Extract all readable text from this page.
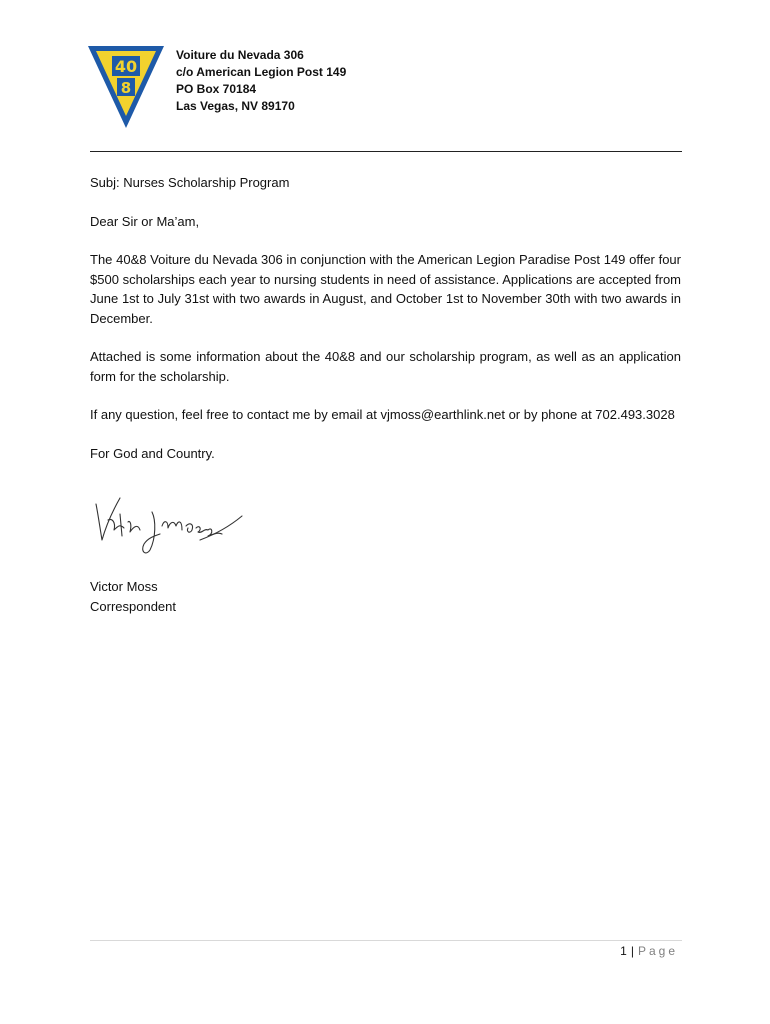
40
8
Voiture du Nevada 306
c/o American Legion Post 149
PO Box 70184
Las Vegas, NV 89170

Subj: Nurses Scholarship Program

Dear Sir or Ma’am,

The 40&8 Voiture du Nevada 306 in conjunction with the American Legion Paradise Post 149 offer four $500 scholarships each year to nursing students in need of assistance. Applications are accepted from June 1st to July 31st with two awards in August, and October 1st to November 30th with two awards in December.

Attached is some information about the 40&8 and our scholarship program, as well as an application form for the scholarship.

If any question, feel free to contact me by email at vjmoss@earthlink.net or by phone at 702.493.3028

For God and Country.

Victor Moss
Correspondent
1 | Page
